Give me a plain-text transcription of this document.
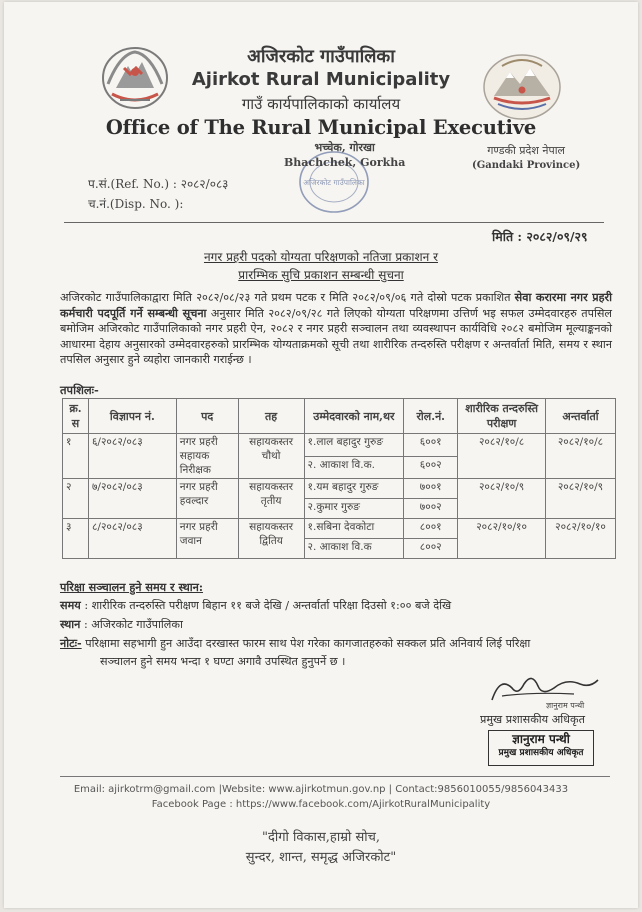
अजिरकोट गाउँपालिका
Ajirkot Rural Municipality
गाउँ कार्यपालिकाको कार्यालय
Office of The Rural Municipal Executive
अजिरकोट गाउँपालिका
भच्चेक, गोरखा
Bhachchek, Gorkha
गण्डकी प्रदेश नेपाल
(Gandaki Province)
प.सं.(Ref. No.) : २०८२/०८३
च.नं.(Disp. No. ):
मिति : २०८२/०९/२९
नगर प्रहरी पदको योग्यता परिक्षणको नतिजा प्रकाशन र
प्रारम्भिक सुचि प्रकाशन सम्बन्धी सुचना
अजिरकोट गाउँपालिकाद्वारा मिति २०८२/०८/२३ गते प्रथम पटक र मिति २०८२/०९/०६ गते दोस्रो पटक प्रकाशित सेवा करारमा नगर प्रहरी कर्मचारी पदपूर्ति गर्ने सम्बन्धी सूचना अनुसार मिति २०८२/०९/२८ गते लिएको योग्यता परिक्षणमा उत्तिर्ण भइ सफल उम्मेदवारहरु तपसिल बमोजिम अजिरकोट गाउँपालिकाको नगर प्रहरी ऐन, २०८२ र नगर प्रहरी सञ्चालन तथा व्यवस्थापन कार्यविधि २०८२ बमोजिम मूल्याङ्कनको आधारमा देहाय अनुसारको उम्मेदवारहरुको प्रारम्भिक योग्यताक्रमको सूची तथा शारीरिक तन्दरुस्ति परीक्षण र अन्तर्वार्ता मिति, समय र स्थान तपसिल अनुसार हुने व्यहोरा जानकारी गराईन्छ ।
तपशिलः-
क्र. स	विज्ञापन नं.	पद	तह	उम्मेदवारको नाम,थर	रोल.नं.	शारीरिक तन्दरुस्ति परीक्षण	अन्तर्वार्ता
१	६/२०८२/०८३	नगर प्रहरी सहायक निरीक्षक	सहायकस्तर चौथो	१.लाल बहादुर गुरुङ	६००१	२०८२/१०/८	२०८२/१०/८
				२. आकाश वि.क.	६००२		
२	७/२०८२/०८३	नगर प्रहरी हवल्दार	सहायकस्तर तृतीय	१.यम बहादुर गुरुङ	७००१	२०८२/१०/९	२०८२/१०/९
				२.कुमार गुरुङ	७००२		
३	८/२०८२/०८३	नगर प्रहरी जवान	सहायकस्तर द्वितिय	१.सबिना देवकोटा	८००१	२०८२/१०/१०	२०८२/१०/१०
				२. आकाश वि.क	८००२		
परिक्षा सञ्चालन हुने समय र स्थान:
समय : शारीरिक तन्दरुस्ति परीक्षण बिहान ११ बजे देखि / अन्तर्वार्ता परिक्षा दिउसो १:०० बजे देखि
स्थान : अजिरकोट गाउँपालिका
नोटः- परिक्षामा सहभागी हुन आउँदा दरखास्त फारम साथ पेश गरेका कागजातहरुको सक्कल प्रति अनिवार्य लिई परिक्षा
सञ्चालन हुने समय भन्दा १ घण्टा अगावै उपस्थित हुनुपर्ने छ ।
ज्ञानुराम पन्थी
प्रमुख प्रशासकीय अधिकृत
ज्ञानुराम पन्थी
प्रमुख प्रशासकीय अधिकृत
Email: ajirkotrm@gmail.com |Website: www.ajirkotmun.gov.np | Contact:9856010055/9856043433
Facebook Page : https://www.facebook.com/AjirkotRuralMunicipality
"दीगो विकास,हाम्रो सोच,
सुन्दर, शान्त, समृद्ध अजिरकोट"
